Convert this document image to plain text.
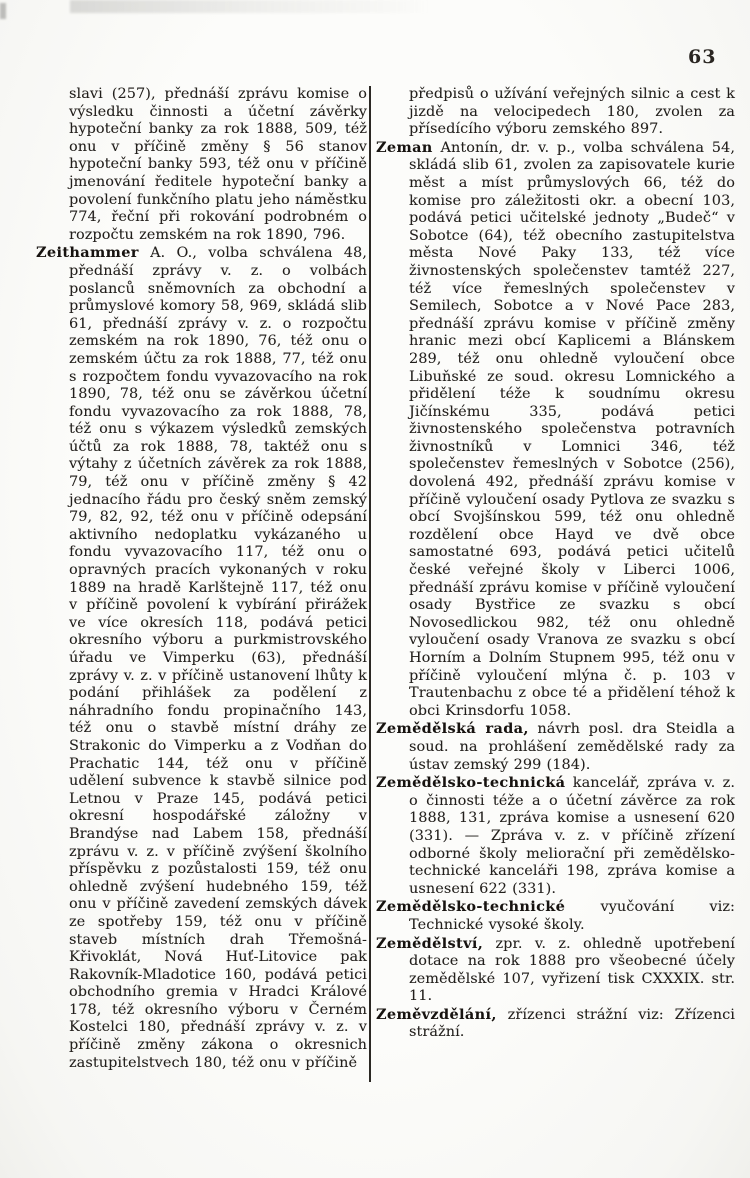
63

slavi (257), přednáší zprávu komise o výsledku činnosti a účetní závěrky hypoteční banky za rok 1888, 509, též onu v příčině změny § 56 stanov hypoteční banky 593, též onu v příčině jmenování ředitele hypoteční banky a povolení funkčního platu jeho náměstku 774, řeční při rokování podrobném o rozpočtu zemském na rok 1890, 796.

Zeithammer A. O., volba schválena 48, přednáší zprávy v. z. o volbách poslanců sněmovních za obchodní a průmyslové komory 58, 969, skládá slib 61, přednáší zprávy v. z. o rozpočtu zemském na rok 1890, 76, též onu o zemském účtu za rok 1888, 77, též onu s rozpočtem fondu vyvazovacího na rok 1890, 78, též onu se závěrkou účetní fondu vyvazovacího za rok 1888, 78, též onu s výkazem výsledků zemských účtů za rok 1888, 78, taktéž onu s výtahy z účetních závěrek za rok 1888, 79, též onu v příčině změny § 42 jednacího řádu pro český sněm zemský 79, 82, 92, též onu v příčině odepsání aktivního nedoplatku vykázaného u fondu vyvazovacího 117, též onu o opravných pracích vykonaných v roku 1889 na hradě Karlštejně 117, též onu v příčině povolení k vybírání přirážek ve více okresích 118, podává petici okresního výboru a purkmistrovského úřadu ve Vimperku (63), přednáší zprávy v. z. v příčině ustanovení lhůty k podání přihlášek za podělení z náhradního fondu propinačního 143, též onu o stavbě místní dráhy ze Strakonic do Vimperku a z Vodňan do Prachatic 144, též onu v příčině udělení subvence k stavbě silnice pod Letnou v Praze 145, podává petici okresní hospodářské záložny v Brandýse nad Labem 158, přednáší zprávu v. z. v příčině zvýšení školního příspěvku z pozůstalosti 159, též onu ohledně zvýšení hudebného 159, též onu v příčině zavedení zemských dávek ze spotřeby 159, též onu v příčině staveb místních drah Třemošná-Křivoklát, Nová Huť-Litovice pak Rakovník-Mladotice 160, podává petici obchodního gremia v Hradci Králové 178, též okresního výboru v Černém Kostelci 180, přednáší zprávy v. z. v příčině změny zákona o okresnich zastupitelstvech 180, též onu v příčině

předpisů o užívání veřejných silnic a cest k jizdě na velocipedech 180, zvolen za přísedícího výboru zemského 897.

Zeman Antonín, dr. v. p., volba schválena 54, skládá slib 61, zvolen za zapisovatele kurie měst a míst průmyslových 66, též do komise pro záležitosti okr. a obecní 103, podává petici učitelské jednoty „Budeč“ v Sobotce (64), též obecního zastupitelstva města Nové Paky 133, též více živnostenských společenstev tamtéž 227, též více řemeslných společenstev v Semilech, Sobotce a v Nové Pace 283, přednáší zprávu komise v příčině změny hranic mezi obcí Kaplicemi a Blánskem 289, též onu ohledně vyloučení obce Libuňské ze soud. okresu Lomnického a přidělení téže k soudnímu okresu Jičínskému 335, podává petici živnostenského společenstva potravních živnostníků v Lomnici 346, též společenstev řemeslných v Sobotce (256), dovolená 492, přednáší zprávu komise v příčině vyloučení osady Pytlova ze svazku s obcí Svojšínskou 599, též onu ohledně rozdělení obce Hayd ve dvě obce samostatné 693, podává petici učitelů české veřejné školy v Liberci 1006, přednáší zprávu komise v příčině vyloučení osady Bystřice ze svazku s obcí Novosedlickou 982, též onu ohledně vyloučení osady Vranova ze svazku s obcí Horním a Dolním Stupnem 995, též onu v příčině vyloučení mlýna č. p. 103 v Trautenbachu z obce té a přidělení téhož k obci Krinsdorfu 1058.

Zemědělská rada, návrh posl. dra Steidla a soud. na prohlášení zemědělské rady za ústav zemský 299 (184).

Zemědělsko-technická kancelář, zpráva v. z. o činnosti téže a o účetní závěrce za rok 1888, 131, zpráva komise a usnesení 620 (331). — Zpráva v. z. v příčině zřízení odborné školy meliorační při zemědělsko-technické kanceláři 198, zpráva komise a usnesení 622 (331).

Zemědělsko-technické vyučování viz: Technické vysoké školy.

Zemědělství, zpr. v. z. ohledně upotřebení dotace na rok 1888 pro všeobecné účely zemědělské 107, vyřizení tisk CXXXIX. str. 11.

Zeměvzdělání, zřízenci strážní viz: Zřízenci strážní.
